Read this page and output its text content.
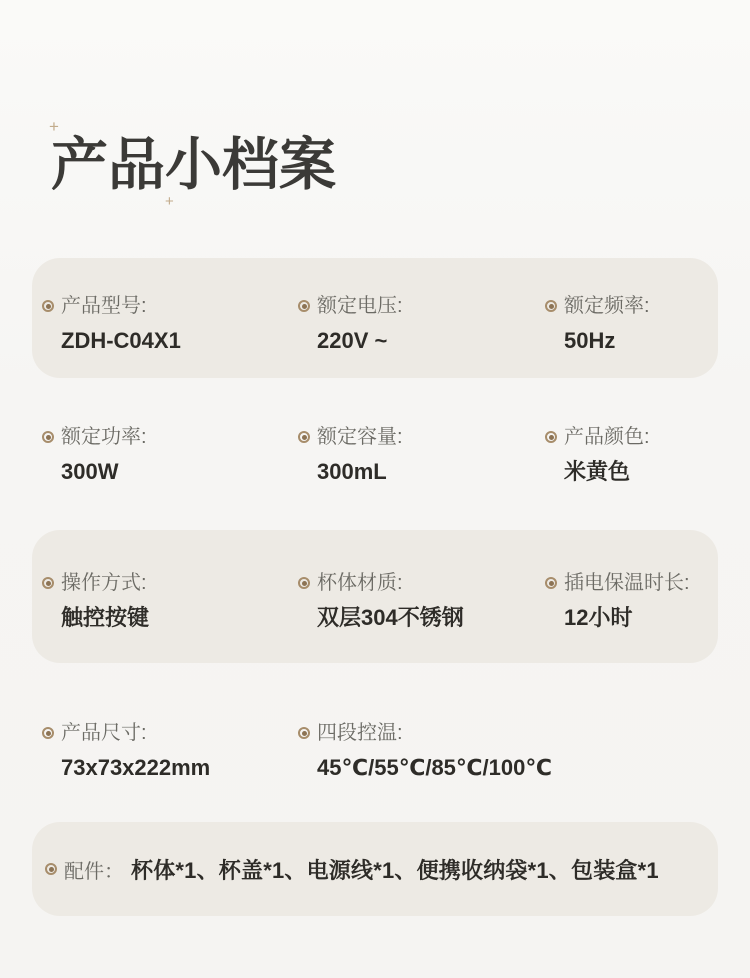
+
+
产品小档案
产品型号:
ZDH-C04X1
额定电压:
220V ~
额定频率:
50Hz
额定功率:
300W
额定容量:
300mL
产品颜色:
米黄色
操作方式:
触控按键
杯体材质:
双层304不锈钢
插电保温时长:
12小时
产品尺寸:
73x73x222mm
四段控温:
45℃/55℃/85℃/100℃
配件： 杯体*1、杯盖*1、电源线*1、便携收纳袋*1、包装盒*1
